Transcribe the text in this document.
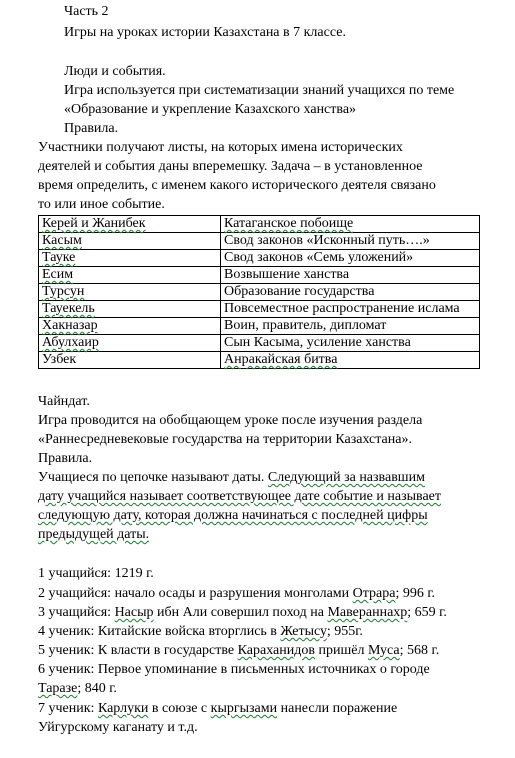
Часть 2
Игры на уроках истории Казахстана в 7 классе.
Люди и события.
Игра используется при систематизации знаний учащихся по теме
«Образование и укрепление Казахского ханства»
Правила.
Участники получают листы, на которых имена исторических
деятелей и события даны вперемешку. Задача – в установленное
время определить, с именем какого исторического деятеля связано
то или иное событие.
Керей и Жанибек	Катаганское побоище
Касым	Свод законов «Исконный путь….»
Тауке	Свод законов «Семь уложений»
Есим	Возвышение ханства
Турсун	Образование государства
Тауекель	Повсеместное распространение ислама
Хакназар	Воин, правитель, дипломат
Абулхаир	Сын Касыма, усиление ханства
Узбек	Анракайская битва
Чайндат.
Игра проводится на обобщающем уроке после изучения раздела
«Раннесредневековые государства на территории Казахстана».
Правила.
Учащиеся по цепочке называют даты. Следующий за назвавшим
дату учащийся называет соответствующее дате событие и называет
следующую дату, которая должна начинаться с последней цифры
предыдущей даты.
1 учащийся: 1219 г.
2 учащийся: начало осады и разрушения монголами Отрара; 996 г.
3 учащийся: Насыр ибн Али совершил поход на Мавераннахр; 659 г.
4 ученик: Китайские войска вторглись в Жетысу; 955г.
5 ученик: К власти в государстве Караханидов пришёл Муса; 568 г.
6 ученик: Первое упоминание в письменных источниках о городе
Таразе; 840 г.
7 ученик: Карлуки в союзе с кыргызами нанесли поражение
Уйгурскому каганату и т.д.
